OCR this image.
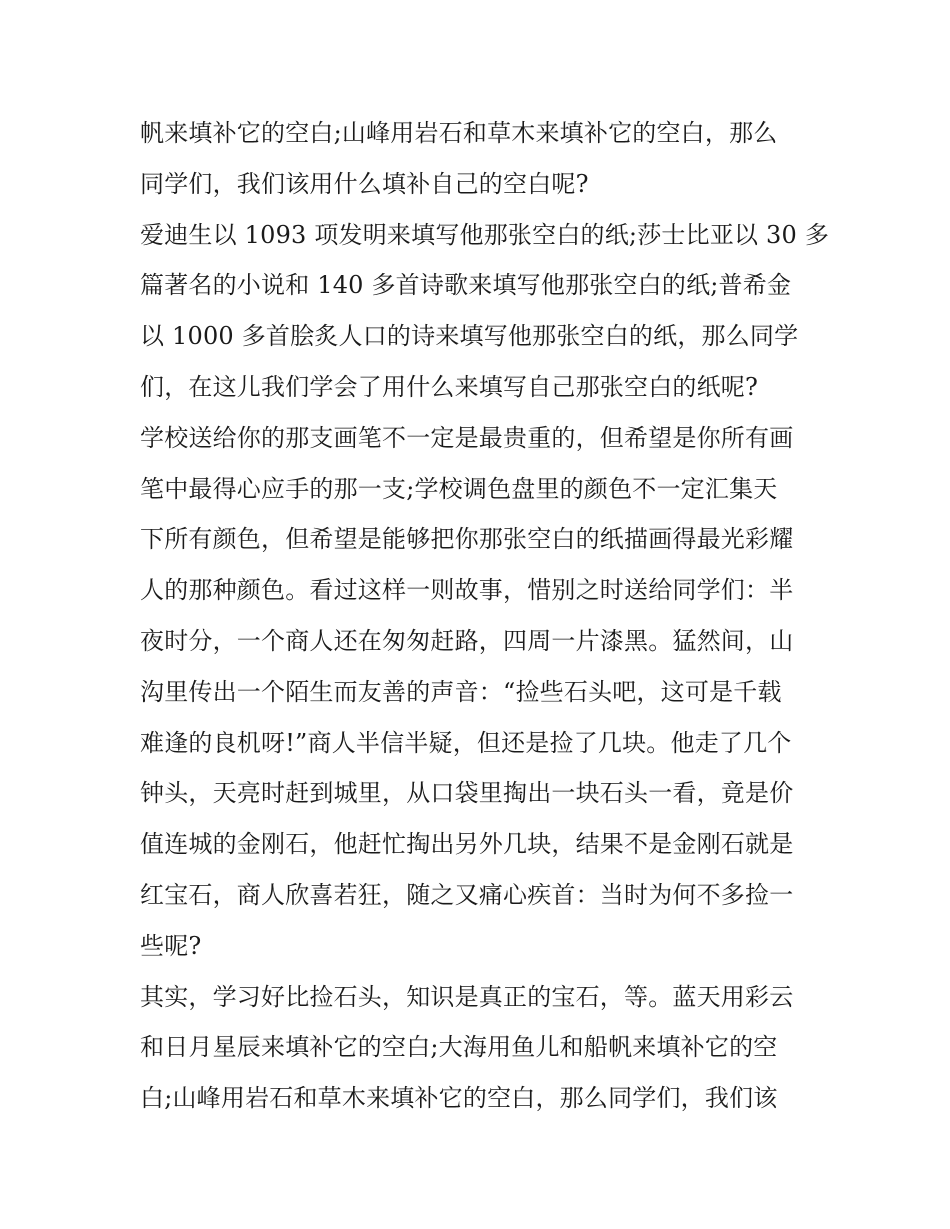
帆来填补它的空白;山峰用岩石和草木来填补它的空白，那么
同学们，我们该用什么填补自己的空白呢?
爱迪生以 1093 项发明来填写他那张空白的纸;莎士比亚以 30 多
篇著名的小说和 140 多首诗歌来填写他那张空白的纸;普希金
以 1000 多首脍炙人口的诗来填写他那张空白的纸，那么同学
们，在这儿我们学会了用什么来填写自己那张空白的纸呢?
学校送给你的那支画笔不一定是最贵重的，但希望是你所有画
笔中最得心应手的那一支;学校调色盘里的颜色不一定汇集天
下所有颜色，但希望是能够把你那张空白的纸描画得最光彩耀
人的那种颜色。看过这样一则故事，惜别之时送给同学们：半
夜时分，一个商人还在匆匆赶路，四周一片漆黑。猛然间，山
沟里传出一个陌生而友善的声音：“捡些石头吧，这可是千载
难逢的良机呀!”商人半信半疑，但还是捡了几块。他走了几个
钟头，天亮时赶到城里，从口袋里掏出一块石头一看，竟是价
值连城的金刚石，他赶忙掏出另外几块，结果不是金刚石就是
红宝石，商人欣喜若狂，随之又痛心疾首：当时为何不多捡一
些呢?
其实，学习好比捡石头，知识是真正的宝石，等。蓝天用彩云
和日月星辰来填补它的空白;大海用鱼儿和船帆来填补它的空
白;山峰用岩石和草木来填补它的空白，那么同学们，我们该
